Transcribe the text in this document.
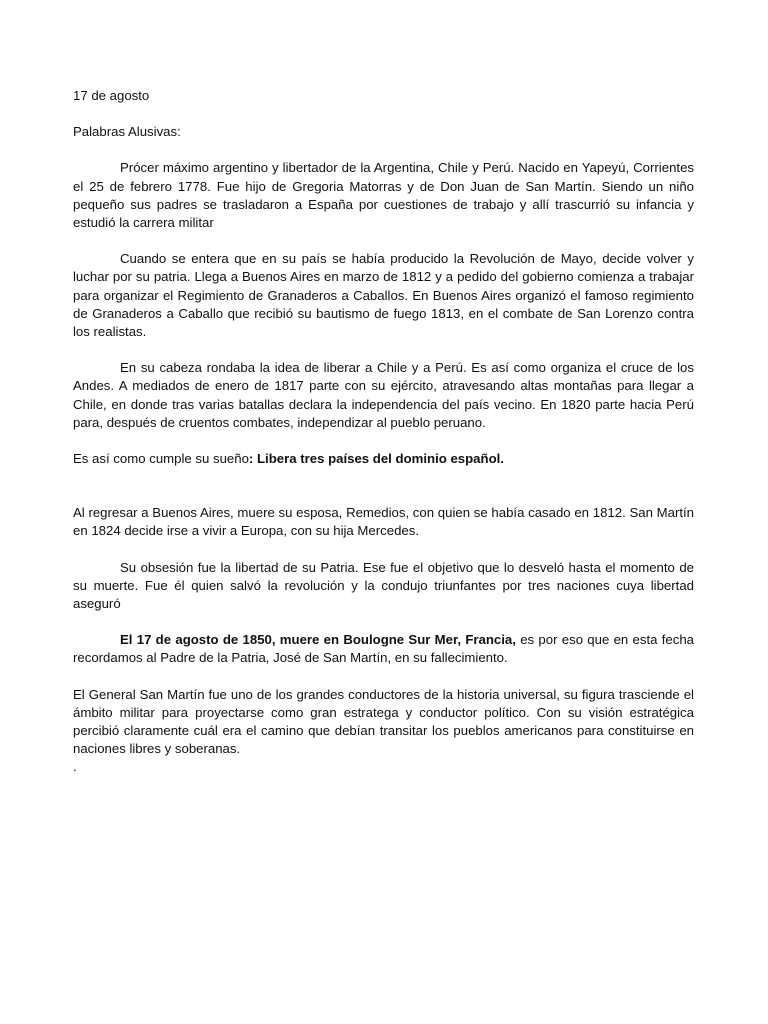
17 de agosto

Palabras Alusivas:

Prócer máximo argentino y libertador de la Argentina, Chile y Perú. Nacido en Yapeyú, Corrientes el 25 de febrero 1778. Fue hijo de Gregoria Matorras y de Don Juan de San Martín. Siendo un niño pequeño sus padres se trasladaron a España por cuestiones de trabajo y allí trascurrió su infancia y estudió la carrera militar

Cuando se entera que en su país se había producido la Revolución de Mayo, decide volver y luchar por su patria. Llega a Buenos Aires en marzo de 1812 y a pedido del gobierno comienza a trabajar para organizar el Regimiento de Granaderos a Caballos. En Buenos Aires organizó el famoso regimiento de Granaderos a Caballo que recibió su bautismo de fuego 1813, en el combate de San Lorenzo contra los realistas.

En su cabeza rondaba la idea de liberar a Chile y a Perú. Es así como organiza el cruce de los Andes. A mediados de enero de 1817 parte con su ejército, atravesando altas montañas para llegar a Chile, en donde tras varias batallas declara la independencia del país vecino. En 1820 parte hacia Perú para, después de cruentos combates, independizar al pueblo peruano.

Es así como cumple su sueño: Libera tres países del dominio español.

Al regresar a Buenos Aires, muere su esposa, Remedios, con quien se había casado en 1812. San Martín en 1824 decide irse a vivir a Europa, con su hija Mercedes.

Su obsesión fue la libertad de su Patria. Ese fue el objetivo que lo desveló hasta el momento de su muerte. Fue él quien salvó la revolución y la condujo triunfantes por tres naciones cuya libertad aseguró

El 17 de agosto de 1850, muere en Boulogne Sur Mer, Francia, es por eso que en esta fecha recordamos al Padre de la Patria, José de San Martín, en su fallecimiento.

El General San Martín fue uno de los grandes conductores de la historia universal, su figura trasciende el ámbito militar para proyectarse como gran estratega y conductor político. Con su visión estratégica percibió claramente cuál era el camino que debían transitar los pueblos americanos para constituirse en naciones libres y soberanas.

.
